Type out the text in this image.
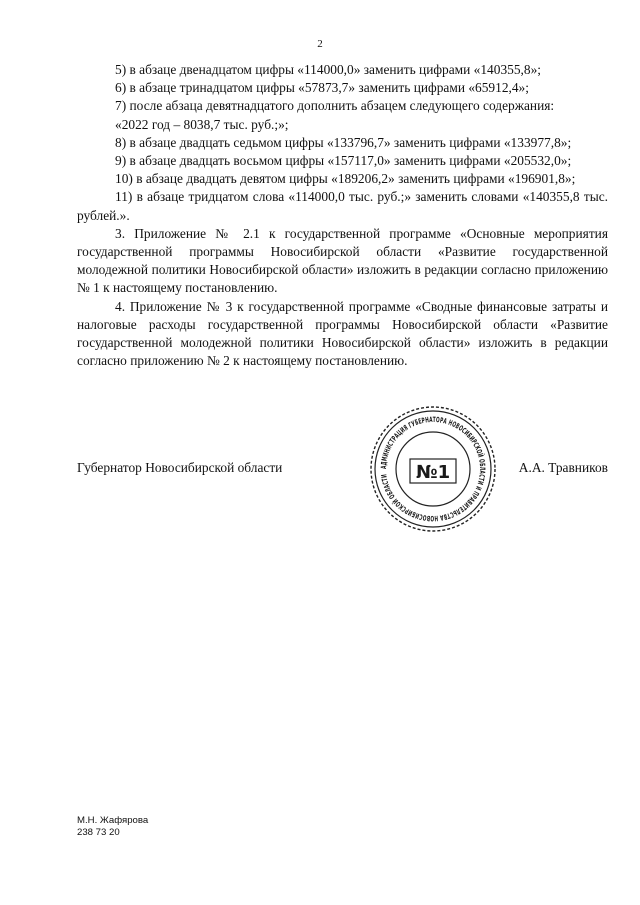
2

5) в абзаце двенадцатом цифры «114000,0» заменить цифрами «140355,8»;

6) в абзаце тринадцатом цифры «57873,7» заменить цифрами «65912,4»;

7) после абзаца девятнадцатого дополнить абзацем следующего содержания:

«2022 год – 8038,7 тыс. руб.;»;

8) в абзаце двадцать седьмом цифры «133796,7» заменить цифрами «133977,8»;

9) в абзаце двадцать восьмом цифры «157117,0» заменить цифрами «205532,0»;

10) в абзаце двадцать девятом цифры «189206,2» заменить цифрами «196901,8»;

11) в абзаце тридцатом слова «114000,0 тыс. руб.;» заменить словами «140355,8 тыс. рублей.».

3. Приложение № 2.1 к государственной программе «Основные мероприятия государственной программы Новосибирской области «Развитие государственной молодежной политики Новосибирской области» изложить в редакции согласно приложению № 1 к настоящему постановлению.

4. Приложение № 3 к государственной программе «Сводные финансовые затраты и налоговые расходы государственной программы Новосибирской области «Развитие государственной молодежной политики Новосибирской области» изложить в редакции согласно приложению № 2 к настоящему постановлению.

Губернатор Новосибирской области	А.А. Травников
АДМИНИСТРАЦИЯ ГУБЕРНАТОРА НОВОСИБИРСКОЙ ОБЛАСТИ И ПРАВИТЕЛЬСТВА НОВОСИБИРСКОЙ ОБЛАСТИ	№1
М.Н. Жафярова
238 73 20
